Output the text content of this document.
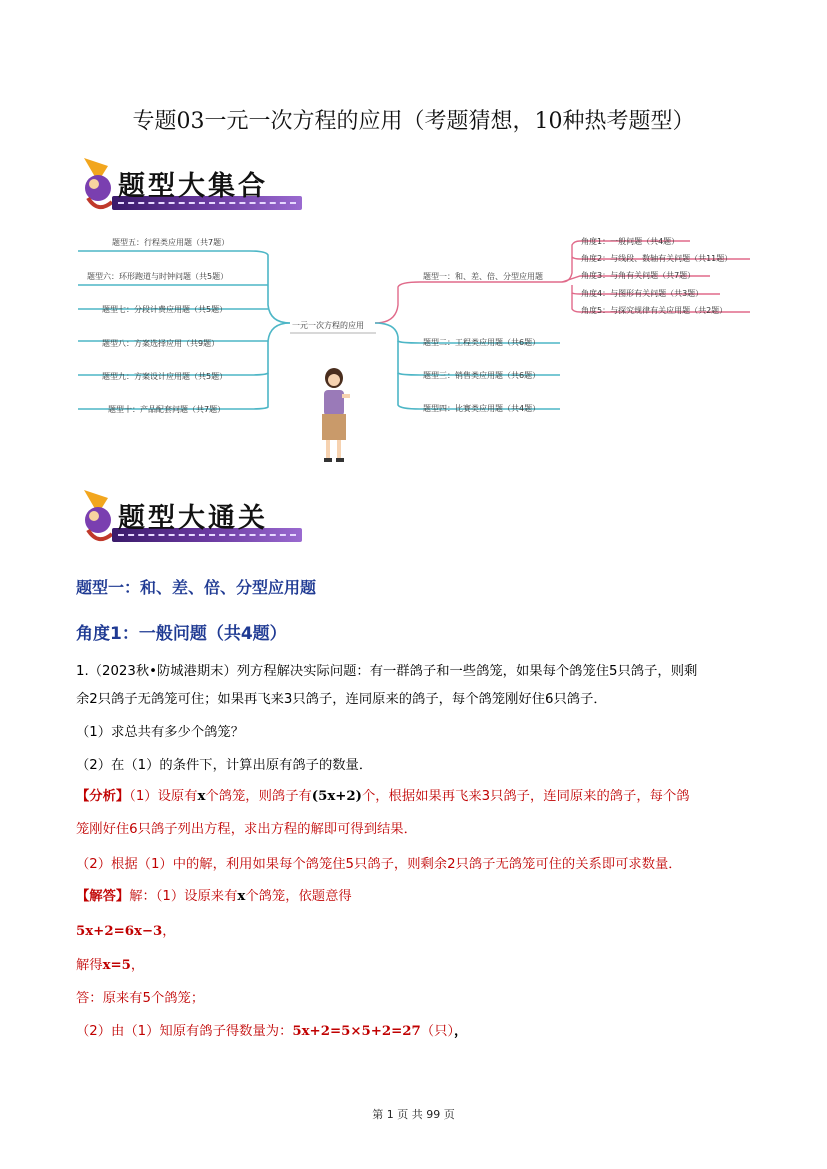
专题03一元一次方程的应用（考题猜想，10种热考题型）
题型大集合
题型五：行程类应用题（共7题）
题型六：环形跑道与时钟问题（共5题）
题型七：分段计费应用题（共5题）
题型八：方案选择应用（共9题）
题型九：方案设计应用题（共5题）
题型十：产品配套问题（共7题）
一元一次方程的应用
题型一：和、差、倍、分型应用题
题型二：工程类应用题（共6题）
题型三：销售类应用题（共6题）
题型四：比赛类应用题（共4题）
角度1：一般问题（共4题）
角度2：与线段、数轴有关问题（共11题）
角度3：与角有关问题（共7题）
角度4：与图形有关问题（共3题）
角度5：与探究规律有关应用题（共2题）
题型大通关
题型一：和、差、倍、分型应用题
角度1：一般问题（共4题）
1.（2023秋•防城港期末）列方程解决实际问题：有一群鸽子和一些鸽笼，如果每个鸽笼住5只鸽子，则剩
余2只鸽子无鸽笼可住；如果再飞来3只鸽子，连同原来的鸽子，每个鸽笼刚好住6只鸽子．
（1）求总共有多少个鸽笼？
（2）在（1）的条件下，计算出原有鸽子的数量．
【分析】（1）设原有x个鸽笼，则鸽子有(5x+2)个，根据如果再飞来3只鸽子，连同原来的鸽子，每个鸽
笼刚好住6只鸽子列出方程，求出方程的解即可得到结果．
（2）根据（1）中的解，利用如果每个鸽笼住5只鸽子，则剩余2只鸽子无鸽笼可住的关系即可求数量．
【解答】解：（1）设原来有x个鸽笼，依题意得
5x+2=6x−3，
解得x=5，
答：原来有5个鸽笼；
（2）由（1）知原有鸽子得数量为：5x+2=5×5+2=27（只），
第 1 页 共 99 页
